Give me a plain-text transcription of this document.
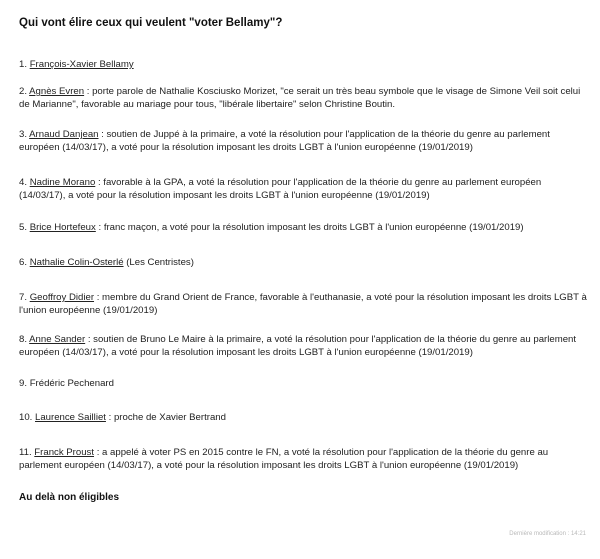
Qui vont élire ceux qui veulent "voter Bellamy"?
1. François-Xavier Bellamy
2. Agnès Evren : porte parole de Nathalie Kosciusko Morizet, "ce serait un très beau symbole que le visage de Simone Veil soit celui de Marianne", favorable au mariage pour tous, "libérale libertaire" selon Christine Boutin.
3. Arnaud Danjean : soutien de Juppé à la primaire, a voté la résolution pour l'application de la théorie du genre au parlement européen (14/03/17), a voté pour la résolution imposant les droits LGBT à l'union européenne (19/01/2019)
4. Nadine Morano : favorable à la GPA, a voté la résolution pour l'application de la théorie du genre au parlement européen (14/03/17), a voté pour la résolution imposant les droits LGBT à l'union européenne (19/01/2019)
5. Brice Hortefeux : franc maçon, a voté pour la résolution imposant les droits LGBT à l'union européenne (19/01/2019)
6. Nathalie Colin-Osterlé (Les Centristes)
7. Geoffroy Didier : membre du Grand Orient de France, favorable à l'euthanasie, a voté pour la résolution imposant les droits LGBT à l'union européenne (19/01/2019)
8. Anne Sander : soutien de Bruno Le Maire à la primaire, a voté la résolution pour l'application de la théorie du genre au parlement européen (14/03/17), a voté pour la résolution imposant les droits LGBT à l'union européenne (19/01/2019)
9. Frédéric Pechenard
10. Laurence Sailliet : proche de Xavier Bertrand
11. Franck Proust : a appelé à voter PS en 2015 contre le FN, a voté la résolution pour l'application de la théorie du genre au parlement européen (14/03/17), a voté pour la résolution imposant les droits LGBT à l'union européenne (19/01/2019)
Au delà non éligibles
Dernière modification : 14:21
